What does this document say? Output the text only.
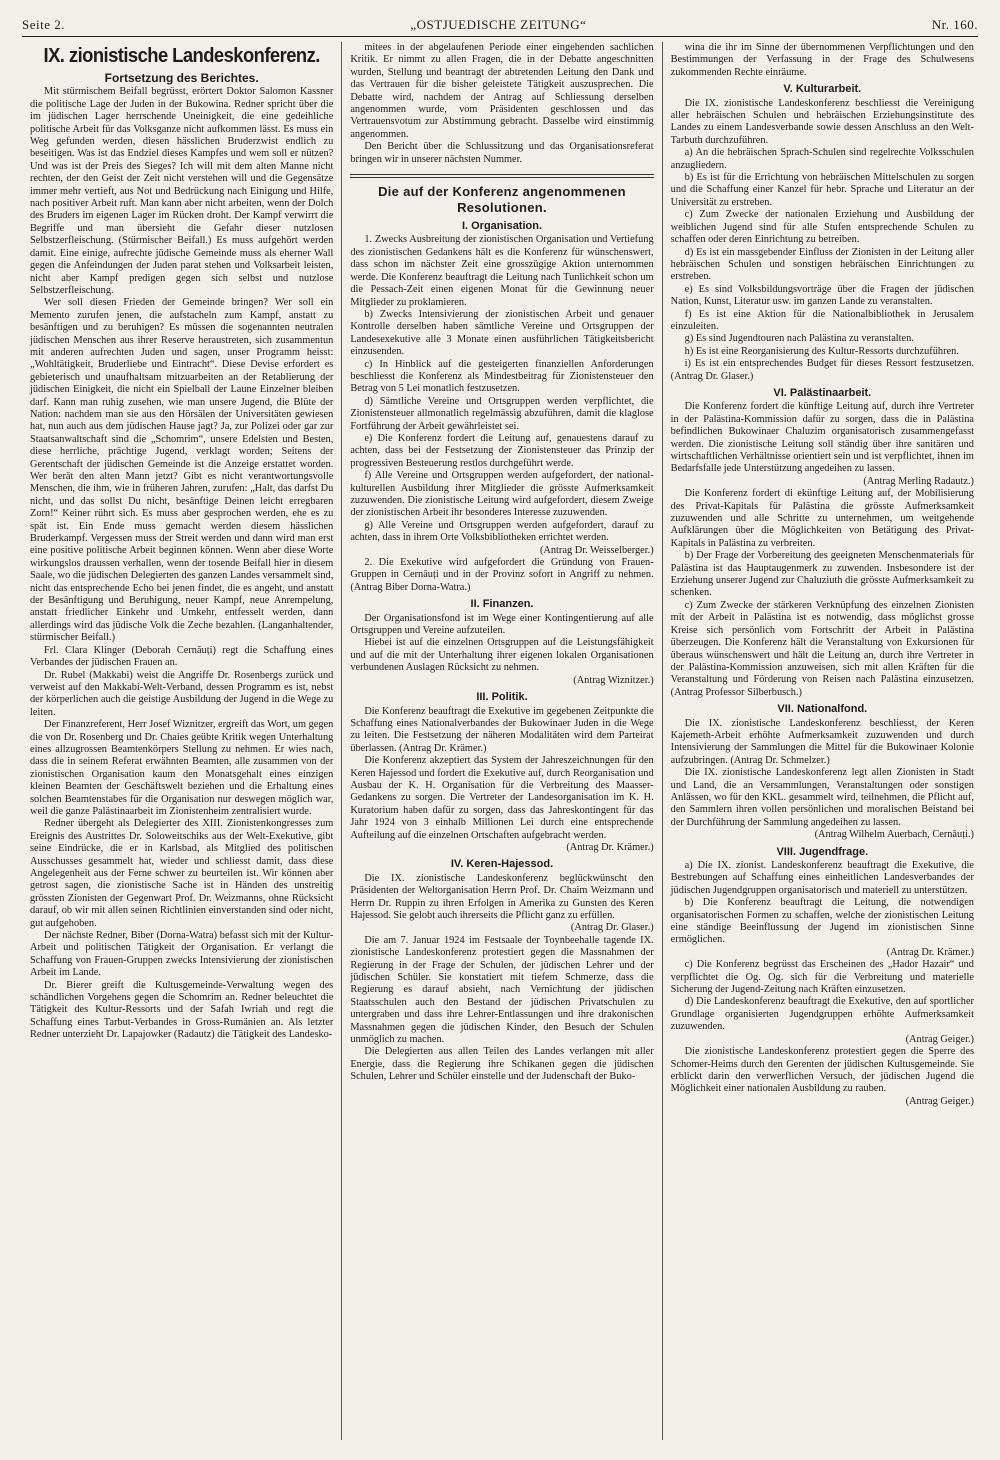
Seite 2.	„OSTJUEDISCHE ZEITUNG“	Nr. 160.
IX. zionistische Landeskonferenz.
Fortsetzung des Berichtes.

Mit stürmischem Beifall begrüsst, erörtert Doktor Salomon Kassner die politische Lage der Juden in der Bukowina. Redner spricht über die im jüdischen Lager herrschende Uneinigkeit, die eine gedeihliche politische Arbeit für das Volksganze nicht aufkommen lässt. Es muss ein Weg gefunden werden, diesen hässlichen Bruderzwist endlich zu beseitigen. Was ist das Endziel dieses Kampfes und wem soll er nützen? Und was ist der Preis des Sieges? Ich will mit dem alten Manne nicht rechten, der den Geist der Zeit nicht verstehen will und die Gegensätze immer mehr vertieft, aus Not und Bedrückung nach Einigung und Hilfe, nach positiver Arbeit ruft. Man kann aber nicht arbeiten, wenn der Dolch des Bruders im eigenen Lager im Rücken droht. Der Kampf verwirrt die Begriffe und man übersieht die Gefahr dieser nutzlosen Selbstzerfleischung. (Stürmischer Beifall.) Es muss aufgehört werden damit. Eine einige, aufrechte jüdische Gemeinde muss als eherner Wall gegen die Anfeindungen der Juden parat stehen und Volksarbeit leisten, nicht aber Kampf predigen gegen sich selbst und nutzlose Selbstzerfleischung.

Wer soll diesen Frieden der Gemeinde bringen? Wer soll ein Memento zurufen jenen, die aufstacheln zum Kampf, anstatt zu besänftigen und zu beruhigen? Es müssen die sogenannten neutralen jüdischen Menschen aus ihrer Reserve heraustreten, sich zusammentun mit anderen aufrechten Juden und sagen, unser Programm heisst: „Wohltätigkeit, Bruderliebe und Eintracht“. Diese Devise erfordert es gebieterisch und unaufhaltsam mitzuarbeiten an der Retablierung der jüdischen Einigkeit, die nicht ein Spielball der Laune Einzelner bleiben darf. Kann man ruhig zusehen, wie man unsere Jugend, die Blüte der Nation: nachdem man sie aus den Hörsälen der Universitäten gewiesen hat, nun auch aus dem jüdischen Hause jagt? Ja, zur Polizei oder gar zur Staatsanwaltschaft sind die „Schomrim“, unsere Edelsten und Besten, diese herrliche, prächtige Jugend, verklagt worden; Seitens der Gerentschaft der jüdischen Gemeinde ist die Anzeige erstattet worden. Wer berät den alten Mann jetzt? Gibt es nicht verantwortungsvolle Menschen, die ihm, wie in früheren Jahren, zurufen: „Halt, das darfst Du nicht, und das sollst Du nicht, besänftige Deinen leicht erregbaren Zorn!“ Keiner rührt sich. Es muss aber gesprochen werden, ehe es zu spät ist. Ein Ende muss gemacht werden diesem hässlichen Bruderkampf. Vergessen muss der Streit werden und dann wird man erst eine positive politische Arbeit beginnen können. Wenn aber diese Worte wirkungslos draussen verhallen, wenn der tosende Beifall hier in diesem Saale, wo die jüdischen Delegierten des ganzen Landes versammelt sind, nicht das entsprechende Echo bei jenen findet, die es angeht, und anstatt der Besänftigung und Beruhigung, neuer Kampf, neue Anrempelung, anstatt friedlicher Einkehr und Umkehr, entfesselt werden, dann allerdings wird das jüdische Volk die Zeche bezahlen. (Langanhaltender, stürmischer Beifall.)

Frl. Clara Klinger (Deborah Cernăuți) regt die Schaffung eines Verbandes der jüdischen Frauen an.

Dr. Rubel (Makkabi) weist die Angriffe Dr. Rosenbergs zurück und verweist auf den Makkabi-Welt-Verband, dessen Programm es ist, nebst der körperlichen auch die geistige Ausbildung der Jugend in die Wege zu leiten.

Der Finanzreferent, Herr Josef Wiznitzer, ergreift das Wort, um gegen die von Dr. Rosenberg und Dr. Chaies geübte Kritik wegen Unterhaltung eines allzugrossen Beamtenkörpers Stellung zu nehmen. Er wies nach, dass die in seinem Referat erwähnten Beamten, alle zusammen von der zionistischen Organisation kaum den Monatsgehalt eines einzigen kleinen Beamten der Geschäftswelt beziehen und die Erhaltung eines solchen Beamtenstabes für die Organisation nur deswegen möglich war, weil die ganze Palästinaarbeit im Zionistenheim zentralisiert wurde.

Redner übergeht als Delegierter des XIII. Zionistenkongresses zum Ereignis des Austrittes Dr. Soloweitschiks aus der Welt-Exekutive, gibt seine Eindrücke, die er in Karlsbad, als Mitglied des politischen Ausschusses gesammelt hat, wieder und schliesst damit, dass diese Angelegenheit aus der Ferne schwer zu beurteilen ist. Wir können aber getrost sagen, die zionistische Sache ist in Händen des unstreitig grössten Zionisten der Gegenwart Prof. Dr. Weizmanns, ohne Rücksicht darauf, ob wir mit allen seinen Richtlinien einverstanden sind oder nicht, gut aufgehoben.

Der nächste Redner, Biber (Dorna-Watra) befasst sich mit der Kultur-Arbeit und politischen Tätigkeit der Organisation. Er verlangt die Schaffung von Frauen-Gruppen zwecks Intensivierung der zionistischen Arbeit im Lande.

Dr. Bierer greift die Kultusgemeinde-Verwaltung wegen des schändlichen Vorgehens gegen die Schomrim an. Redner beleuchtet die Tätigkeit des Kultur-Ressorts und der Safah Iwriah und regt die Schaffung eines Tarbut-Verbandes in Gross-Rumänien an. Als letzter Redner unterzieht Dr. Lapajowker (Radautz) die Tätigkeit des Landesko-

mitees in der abgelaufenen Periode einer eingehenden sachlichen Kritik. Er nimmt zu allen Fragen, die in der Debatte angeschnitten wurden, Stellung und beantragt der abtretenden Leitung den Dank und das Vertrauen für die bisher geleistete Tätigkeit auszusprechen. Die Debatte wird, nachdem der Antrag auf Schliessung derselben angenommen wurde, vom Präsidenten geschlossen und das Vertrauensvotum zur Abstimmung gebracht. Dasselbe wird einstimmig angenommen.

Den Bericht über die Schlussitzung und das Organisationsreferat bringen wir in unserer nächsten Nummer.

Die auf der Konferenz angenommenen Resolutionen.
I. Organisation.

1. Zwecks Ausbreitung der zionistischen Organisation und Vertiefung des zionistischen Gedankens hält es die Konferenz für wünschenswert, dass schon im nächster Zeit eine grosszügige Aktion unternommen werde. Die Konferenz beauftragt die Leitung nach Tunlichkeit schon um die Pessach-Zeit einen eigenen Monat für die Gewinnung neuer Mitglieder zu proklamieren.

b) Zwecks Intensivierung der zionistischen Arbeit und genauer Kontrolle derselben haben sämtliche Vereine und Ortsgruppen der Landesexekutive alle 3 Monate einen ausführlichen Tätigkeitsbericht einzusenden.

c) In Hinblick auf die gesteigerten finanziellen Anforderungen beschliesst die Konferenz als Mindestbeitrag für Zionistensteuer den Betrag von 5 Lei monatlich festzusetzen.

d) Sämtliche Vereine und Ortsgruppen werden verpflichtet, die Zionistensteuer allmonatlich regelmässig abzuführen, damit die klaglose Fortführung der Arbeit gewährleistet sei.

e) Die Konferenz fordert die Leitung auf, genauestens darauf zu achten, dass bei der Festsetzung der Zionistensteuer das Prinzip der progressiven Besteuerung restlos durchgeführt werde.

f) Alle Vereine und Ortsgruppen werden aufgefordert, der national-kulturellen Ausbildung ihrer Mitglieder die grösste Aufmerksamkeit zuzuwenden. Die zionistische Leitung wird aufgefordert, diesem Zweige der zionistischen Arbeit ihr besonderes Interesse zuzuwenden.

g) Alle Vereine und Ortsgruppen werden aufgefordert, darauf zu achten, dass in ihrem Orte Volksbibliotheken errichtet werden.

(Antrag Dr. Weisselberger.)

2. Die Exekutive wird aufgefordert die Gründung von Frauen-Gruppen in Cernăuți und in der Provinz sofort in Angriff zu nehmen. (Antrag Biber Dorna-Watra.)

II. Finanzen.

Der Organisationsfond ist im Wege einer Kontingentierung auf alle Ortsgruppen und Vereine aufzuteilen.

Hiebei ist auf die einzelnen Ortsgruppen auf die Leistungsfähigkeit und auf die mit der Unterhaltung ihrer eigenen lokalen Organisationen verbundenen Auslagen Rücksicht zu nehmen.

(Antrag Wiznitzer.)

III. Politik.

Die Konferenz beauftragt die Exekutive im gegebenen Zeitpunkte die Schaffung eines Nationalverbandes der Bukowinaer Juden in die Wege zu leiten. Die Festsetzung der näheren Modalitäten wird dem Parteirat überlassen. (Antrag Dr. Krämer.)

Die Konferenz akzeptiert das System der Jahreszeichnungen für den Keren Hajessod und fordert die Exekutive auf, durch Reorganisation und Ausbau der K. H. Organisation für die Verbreitung des Maasser-Gedankens zu sorgen. Die Vertreter der Landesorganisation im K. H. Kuratorium haben dafür zu sorgen, dass das Jahreskontingent für das Jahr 1924 von 3 einhalb Millionen Lei durch eine entsprechende Aufteilung auf die einzelnen Ortschaften aufgebracht werden.

(Antrag Dr. Krämer.)

IV. Keren-Hajessod.

Die IX. zionistische Landeskonferenz beglückwünscht den Präsidenten der Weltorganisation Herrn Prof. Dr. Chaim Weizmann und Herrn Dr. Ruppin zu ihren Erfolgen in Amerika zu Gunsten des Keren Hajessod. Sie gelobt auch ihrerseits die Pflicht ganz zu erfüllen.

(Antrag Dr. Glaser.)

Die am 7. Januar 1924 im Festsaale der Toynbeehalle tagende IX. zionistische Landeskonferenz protestiert gegen die Massnahmen der Regierung in der Frage der Schulen, der jüdischen Lehrer und der jüdischen Schüler. Sie konstatiert mit tiefem Schmerze, dass die Regierung es darauf absieht, nach Vernichtung der jüdischen Staatsschulen auch den Bestand der jüdischen Privatschulen zu untergraben und dass ihre Lehrer-Entlassungen und ihre drakonischen Massnahmen gegen die jüdischen Kinder, den Besuch der Schulen unmöglich zu machen.

Die Delegierten aus allen Teilen des Landes verlangen mit aller Energie, dass die Regierung ihre Schikanen gegen die jüdischen Schulen, Lehrer und Schüler einstelle und der Judenschaft der Buko-

wina die ihr im Sinne der übernommenen Verpflichtungen und den Bestimmungen der Verfassung in der Frage des Schulwesens zukommenden Rechte einräume.

V. Kulturarbeit.

Die IX. zionistische Landeskonferenz beschliesst die Vereinigung aller hebräischen Schulen und hebräischen Erziehungsinstitute des Landes zu einem Landesverbande sowie dessen Anschluss an den Welt-Tarbuth durchzuführen.

a) An die hebräischen Sprach-Schulen sind regelrechte Volksschulen anzugliedern.

b) Es ist für die Errichtung von hebräischen Mittelschulen zu sorgen und die Schaffung einer Kanzel für hebr. Sprache und Literatur an der Universität zu erstreben.

c) Zum Zwecke der nationalen Erziehung und Ausbildung der weiblichen Jugend sind für alle Stufen entsprechende Schulen zu schaffen oder deren Einrichtung zu betreiben.

d) Es ist ein massgebender Einfluss der Zionisten in der Leitung aller hebräischen Schulen und sonstigen hebräischen Einrichtungen zu erstreben.

e) Es sind Volksbildungsvorträge über die Fragen der jüdischen Nation, Kunst, Literatur usw. im ganzen Lande zu veranstalten.

f) Es ist eine Aktion für die Nationalbibliothek in Jerusalem einzuleiten.

g) Es sind Jugendtouren nach Palästina zu veranstalten.

h) Es ist eine Reorganisierung des Kultur-Ressorts durchzuführen.

i) Es ist ein entsprechendes Budget für dieses Ressort festzusetzen. (Antrag Dr. Glaser.)

VI. Palästinaarbeit.

Die Konferenz fordert die künftige Leitung auf, durch ihre Vertreter in der Palästina-Kommission dafür zu sorgen, dass die in Palästina befindlichen Bukowinaer Chaluzim organisatorisch zusammengefasst werden. Die zionistische Leitung soll ständig über ihre sanitären und wirtschaftlichen Verhältnisse orientiert sein und ist verpflichtet, ihnen im Bedarfsfalle jede Unterstützung angedeihen zu lassen.

(Antrag Merling Radautz.)

Die Konferenz fordert di ekünftige Leitung auf, der Mobilisierung des Privat-Kapitals für Palästina die grösste Aufmerksamkeit zuzuwenden und alle Schritte zu unternehmen, um weitgehende Aufklärungen über die Möglichkeiten von Betätigung des Privat-Kapitals in Palästina zu verbreiten.

b) Der Frage der Vorbereitung des geeigneten Menschenmaterials für Palästina ist das Hauptaugenmerk zu zuwenden. Insbesondere ist der Erziehung unserer Jugend zur Chaluziuth die grösste Aufmerksamkeit zu schenken.

c) Zum Zwecke der stärkeren Verknüpfung des einzelnen Zionisten mit der Arbeit in Palästina ist es notwendig, dass möglichst grosse Kreise sich persönlich vom Fortschritt der Arbeit in Palästina überzeugen. Die Konferenz hält die Veranstaltung von Exkursionen für überaus wünschenswert und hält die Leitung an, durch ihre Vertreter in der Palästina-Kommission anzuweisen, sich mit allen Kräften für die Veranstaltung und Förderung von Reisen nach Palästina einzusetzen. (Antrag Professor Silberbusch.)

VII. Nationalfond.

Die IX. zionistische Landeskonferenz beschliesst, der Keren Kajemeth-Arbeit erhöhte Aufmerksamkeit zuzuwenden und durch Intensivierung der Sammlungen die Mittel für die Bukowinaer Kolonie aufzubringen. (Antrag Dr. Schmelzer.)

Die IX. zionistische Landeskonferenz legt allen Zionisten in Stadt und Land, die an Versammlungen, Veranstaltungen oder sonstigen Anlässen, wo für den KKL. gesammelt wird, teilnehmen, die Pflicht auf, den Sammlern ihren vollen persönlichen und moralischen Beistand bei der Durchführung der Sammlung angedeihen zu lassen.

(Antrag Wilhelm Auerbach, Cernăuți.)

VIII. Jugendfrage.

a) Die IX. zionist. Landeskonferenz beauftragt die Exekutive, die Bestrebungen auf Schaffung eines einheitlichen Landesverbandes der jüdischen Jugendgruppen organisatorisch und materiell zu unterstützen.

b) Die Konferenz beauftragt die Leitung, die notwendigen organisatorischen Formen zu schaffen, welche der zionistischen Leitung eine ständige Beeinflussung der Jugend im zionistischen Sinne ermöglichen.

(Antrag Dr. Krämer.)

c) Die Konferenz begrüsst das Erscheinen des „Hador Hazair“ und verpflichtet die Og. Og. sich für die Verbreitung und materielle Sicherung der Jugend-Zeitung nach Kräften einzusetzen.

d) Die Landeskonferenz beauftragt die Exekutive, den auf sportlicher Grundlage organisierten Jugendgruppen erhöhte Aufmerksamkeit zuzuwenden.

(Antrag Geiger.)

Die zionistische Landeskonferenz protestiert gegen die Sperre des Schomer-Heims durch den Gerenten der jüdischen Kultusgemeinde. Sie erblickt darin den verwerflichen Versuch, der jüdischen Jugend die Möglichkeit einer nationalen Ausbildung zu rauben.

(Antrag Geiger.)
